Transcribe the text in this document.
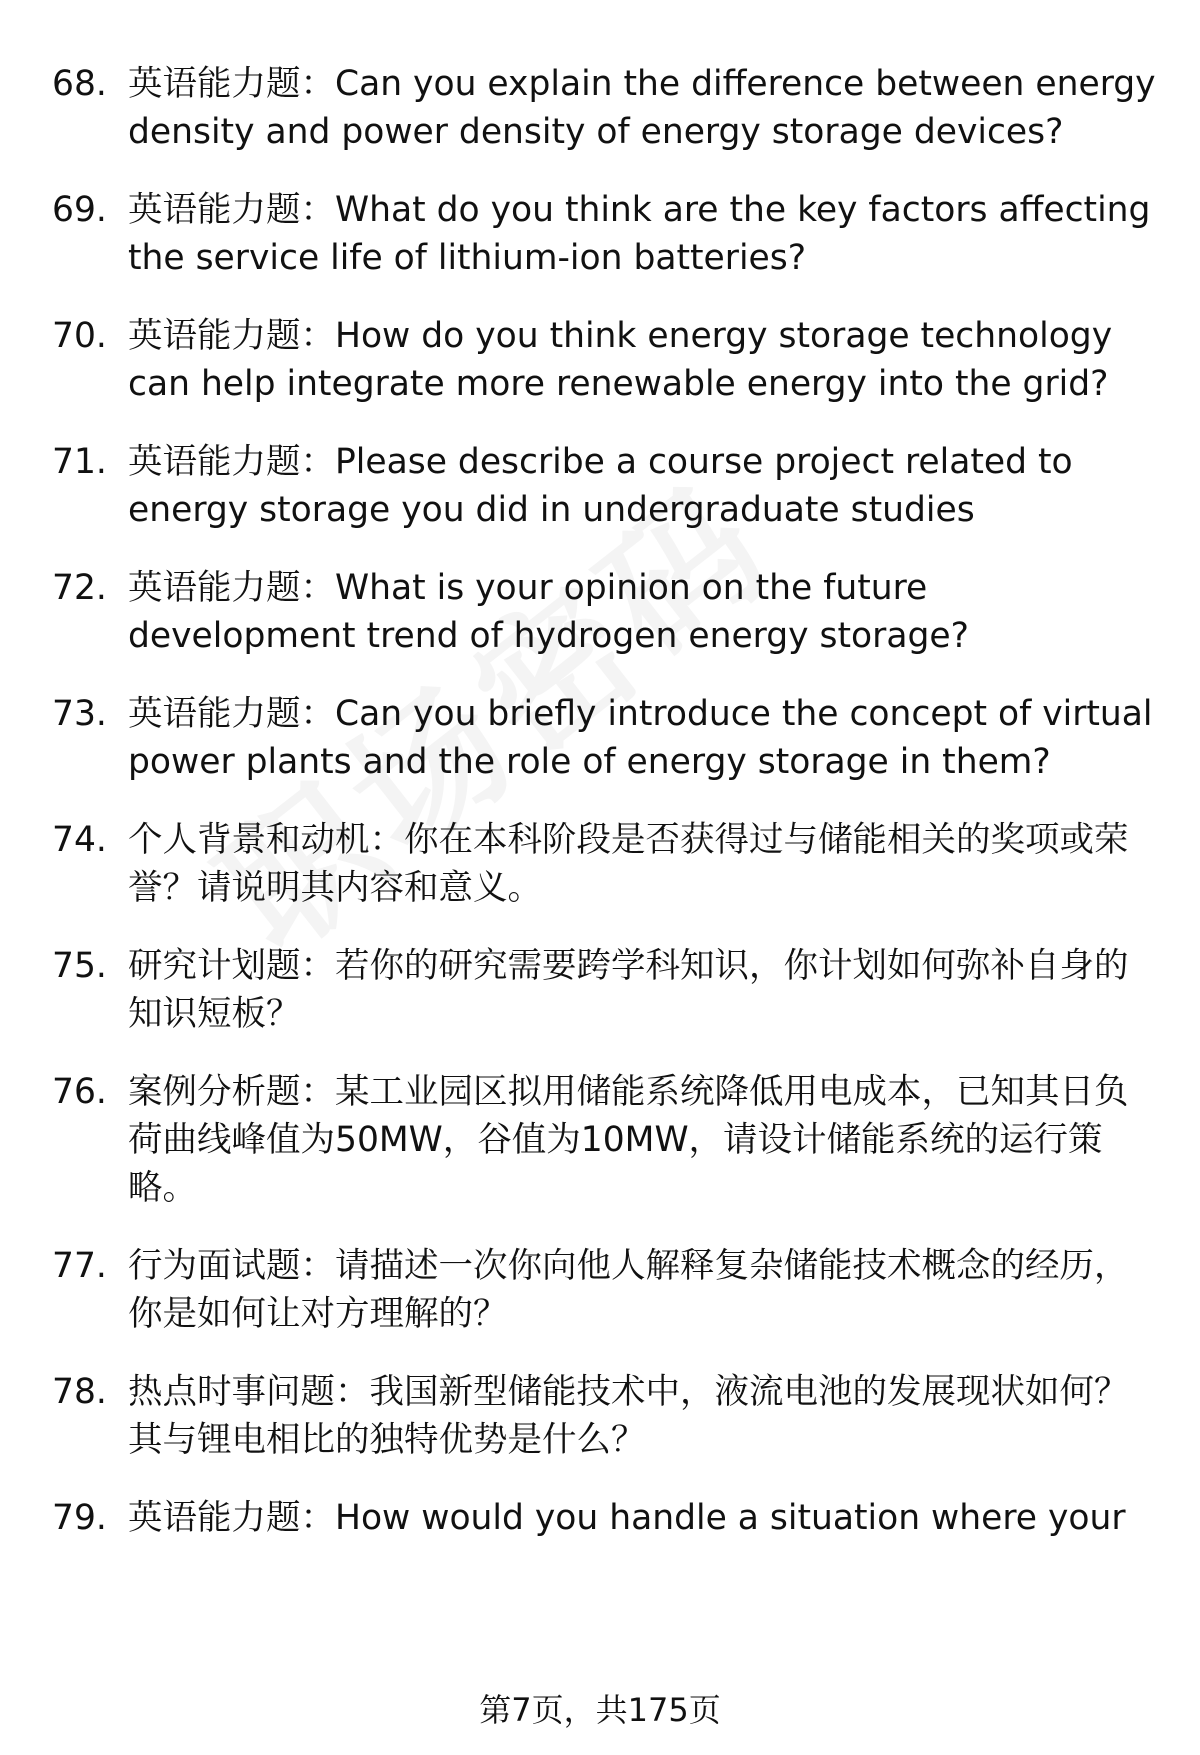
68. 英语能力题：Can you explain the difference between energy density and power density of energy storage devices?
69. 英语能力题：What do you think are the key factors affecting the service life of lithium-ion batteries?
70. 英语能力题：How do you think energy storage technology can help integrate more renewable energy into the grid?
71. 英语能力题：Please describe a course project related to energy storage you did in undergraduate studies
72. 英语能力题：What is your opinion on the future development trend of hydrogen energy storage?
73. 英语能力题：Can you briefly introduce the concept of virtual power plants and the role of energy storage in them?
74. 个人背景和动机：你在本科阶段是否获得过与储能相关的奖项或荣誉？请说明其内容和意义。
75. 研究计划题：若你的研究需要跨学科知识，你计划如何弥补自身的知识短板？
76. 案例分析题：某工业园区拟用储能系统降低用电成本，已知其日负荷曲线峰值为50MW，谷值为10MW，请设计储能系统的运行策略。
77. 行为面试题：请描述一次你向他人解释复杂储能技术概念的经历，你是如何让对方理解的？
78. 热点时事问题：我国新型储能技术中，液流电池的发展现状如何？其与锂电相比的独特优势是什么？
79. 英语能力题：How would you handle a situation where your
第7页，共175页
